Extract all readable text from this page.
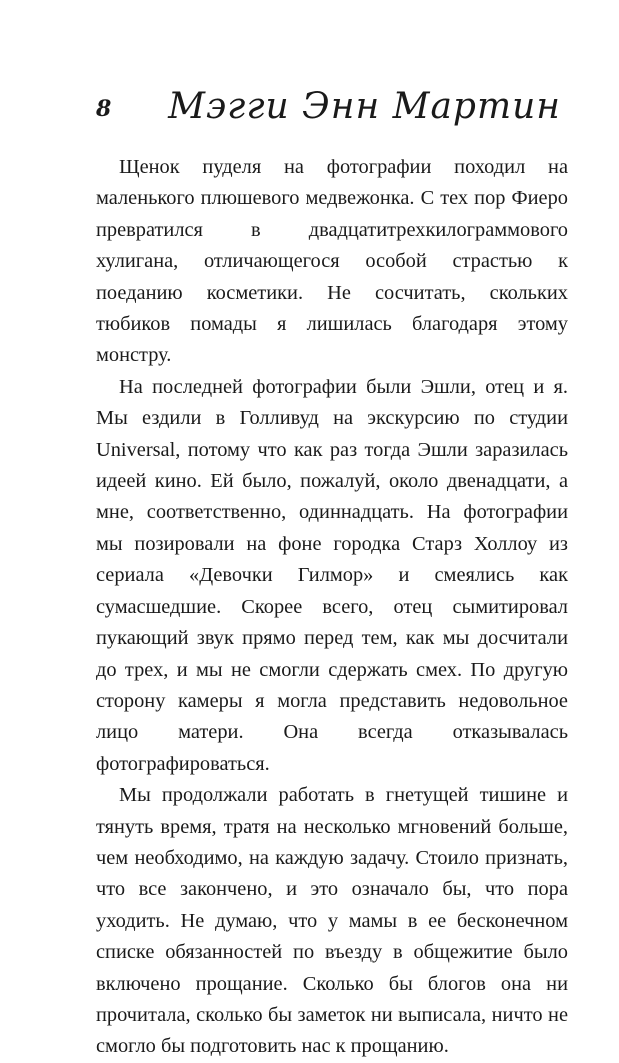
8 Мэгги Энн Мартин

Щенок пуделя на фотографии походил на маленького плюшевого медвежонка. С тех пор Фиеро превратился в двадцатитрехкилограммового хулигана, отличающегося особой страстью к поеданию косметики. Не сосчитать, скольких тюбиков помады я лишилась благодаря этому монстру.

На последней фотографии были Эшли, отец и я. Мы ездили в Голливуд на экскурсию по студии Universal, потому что как раз тогда Эшли заразилась идеей кино. Ей было, пожалуй, около двенадцати, а мне, соответственно, одиннадцать. На фотографии мы позировали на фоне городка Старз Холлоу из сериала «Девочки Гилмор» и смеялись как сумасшедшие. Скорее всего, отец сымитировал пукающий звук прямо перед тем, как мы досчитали до трех, и мы не смогли сдержать смех. По другую сторону камеры я могла представить недовольное лицо матери. Она всегда отказывалась фотографироваться.

Мы продолжали работать в гнетущей тишине и тянуть время, тратя на несколько мгновений больше, чем необходимо, на каждую задачу. Стоило признать, что все закончено, и это означало бы, что пора уходить. Не думаю, что у мамы в ее бесконечном списке обязанностей по въезду в общежитие было включено прощание. Сколько бы блогов она ни прочитала, сколько бы заметок ни выписала, ничто не смогло бы подготовить нас к прощанию.
